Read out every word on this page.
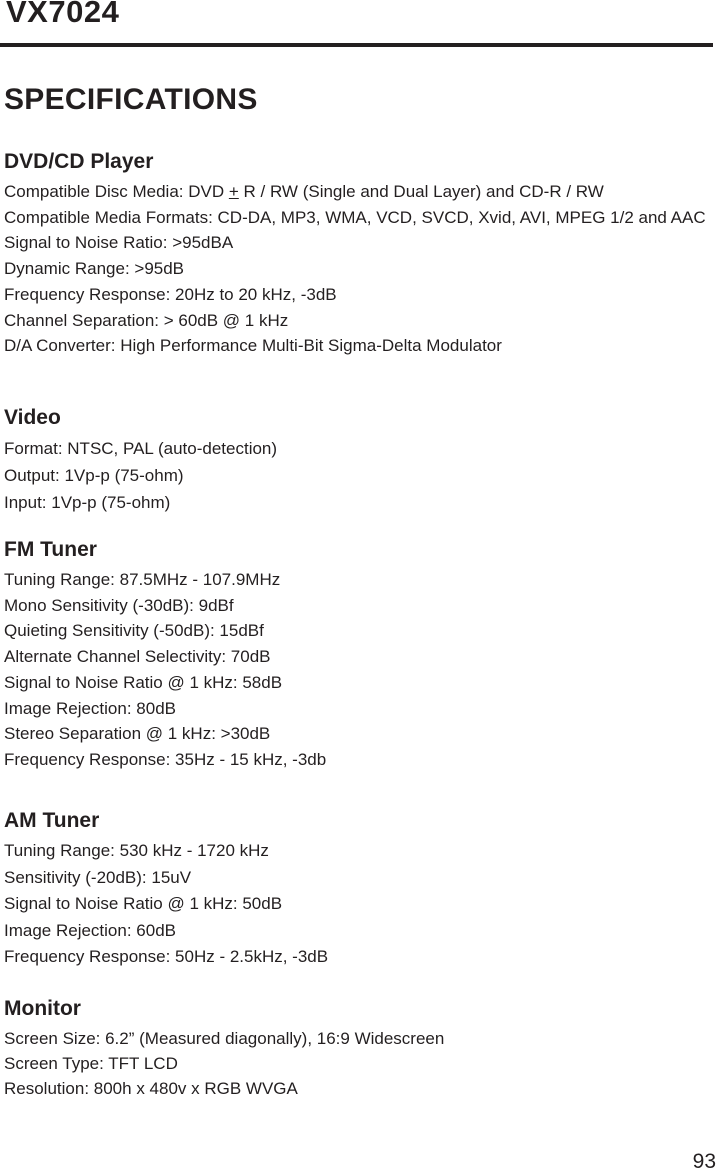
VX7024
SPECIFICATIONS
DVD/CD Player
Compatible Disc Media: DVD + R / RW (Single and Dual Layer) and CD-R / RW
Compatible Media Formats: CD-DA, MP3, WMA, VCD, SVCD, Xvid, AVI, MPEG 1/2 and AAC
Signal to Noise Ratio: >95dBA
Dynamic Range: >95dB
Frequency Response: 20Hz to 20 kHz, -3dB
Channel Separation: > 60dB @ 1 kHz
D/A Converter: High Performance Multi-Bit Sigma-Delta Modulator
Video
Format: NTSC, PAL (auto-detection)
Output: 1Vp-p (75-ohm)
Input: 1Vp-p (75-ohm)
FM Tuner
Tuning Range: 87.5MHz - 107.9MHz
Mono Sensitivity (-30dB): 9dBf
Quieting Sensitivity (-50dB): 15dBf
Alternate Channel Selectivity: 70dB
Signal to Noise Ratio @ 1 kHz: 58dB
Image Rejection: 80dB
Stereo Separation @ 1 kHz: >30dB
Frequency Response: 35Hz - 15 kHz, -3db
AM Tuner
Tuning Range: 530 kHz - 1720 kHz
Sensitivity (-20dB): 15uV
Signal to Noise Ratio @ 1 kHz: 50dB
Image Rejection: 60dB
Frequency Response: 50Hz - 2.5kHz, -3dB
Monitor
Screen Size: 6.2” (Measured diagonally), 16:9 Widescreen
Screen Type: TFT LCD
Resolution: 800h x 480v x RGB WVGA
93
